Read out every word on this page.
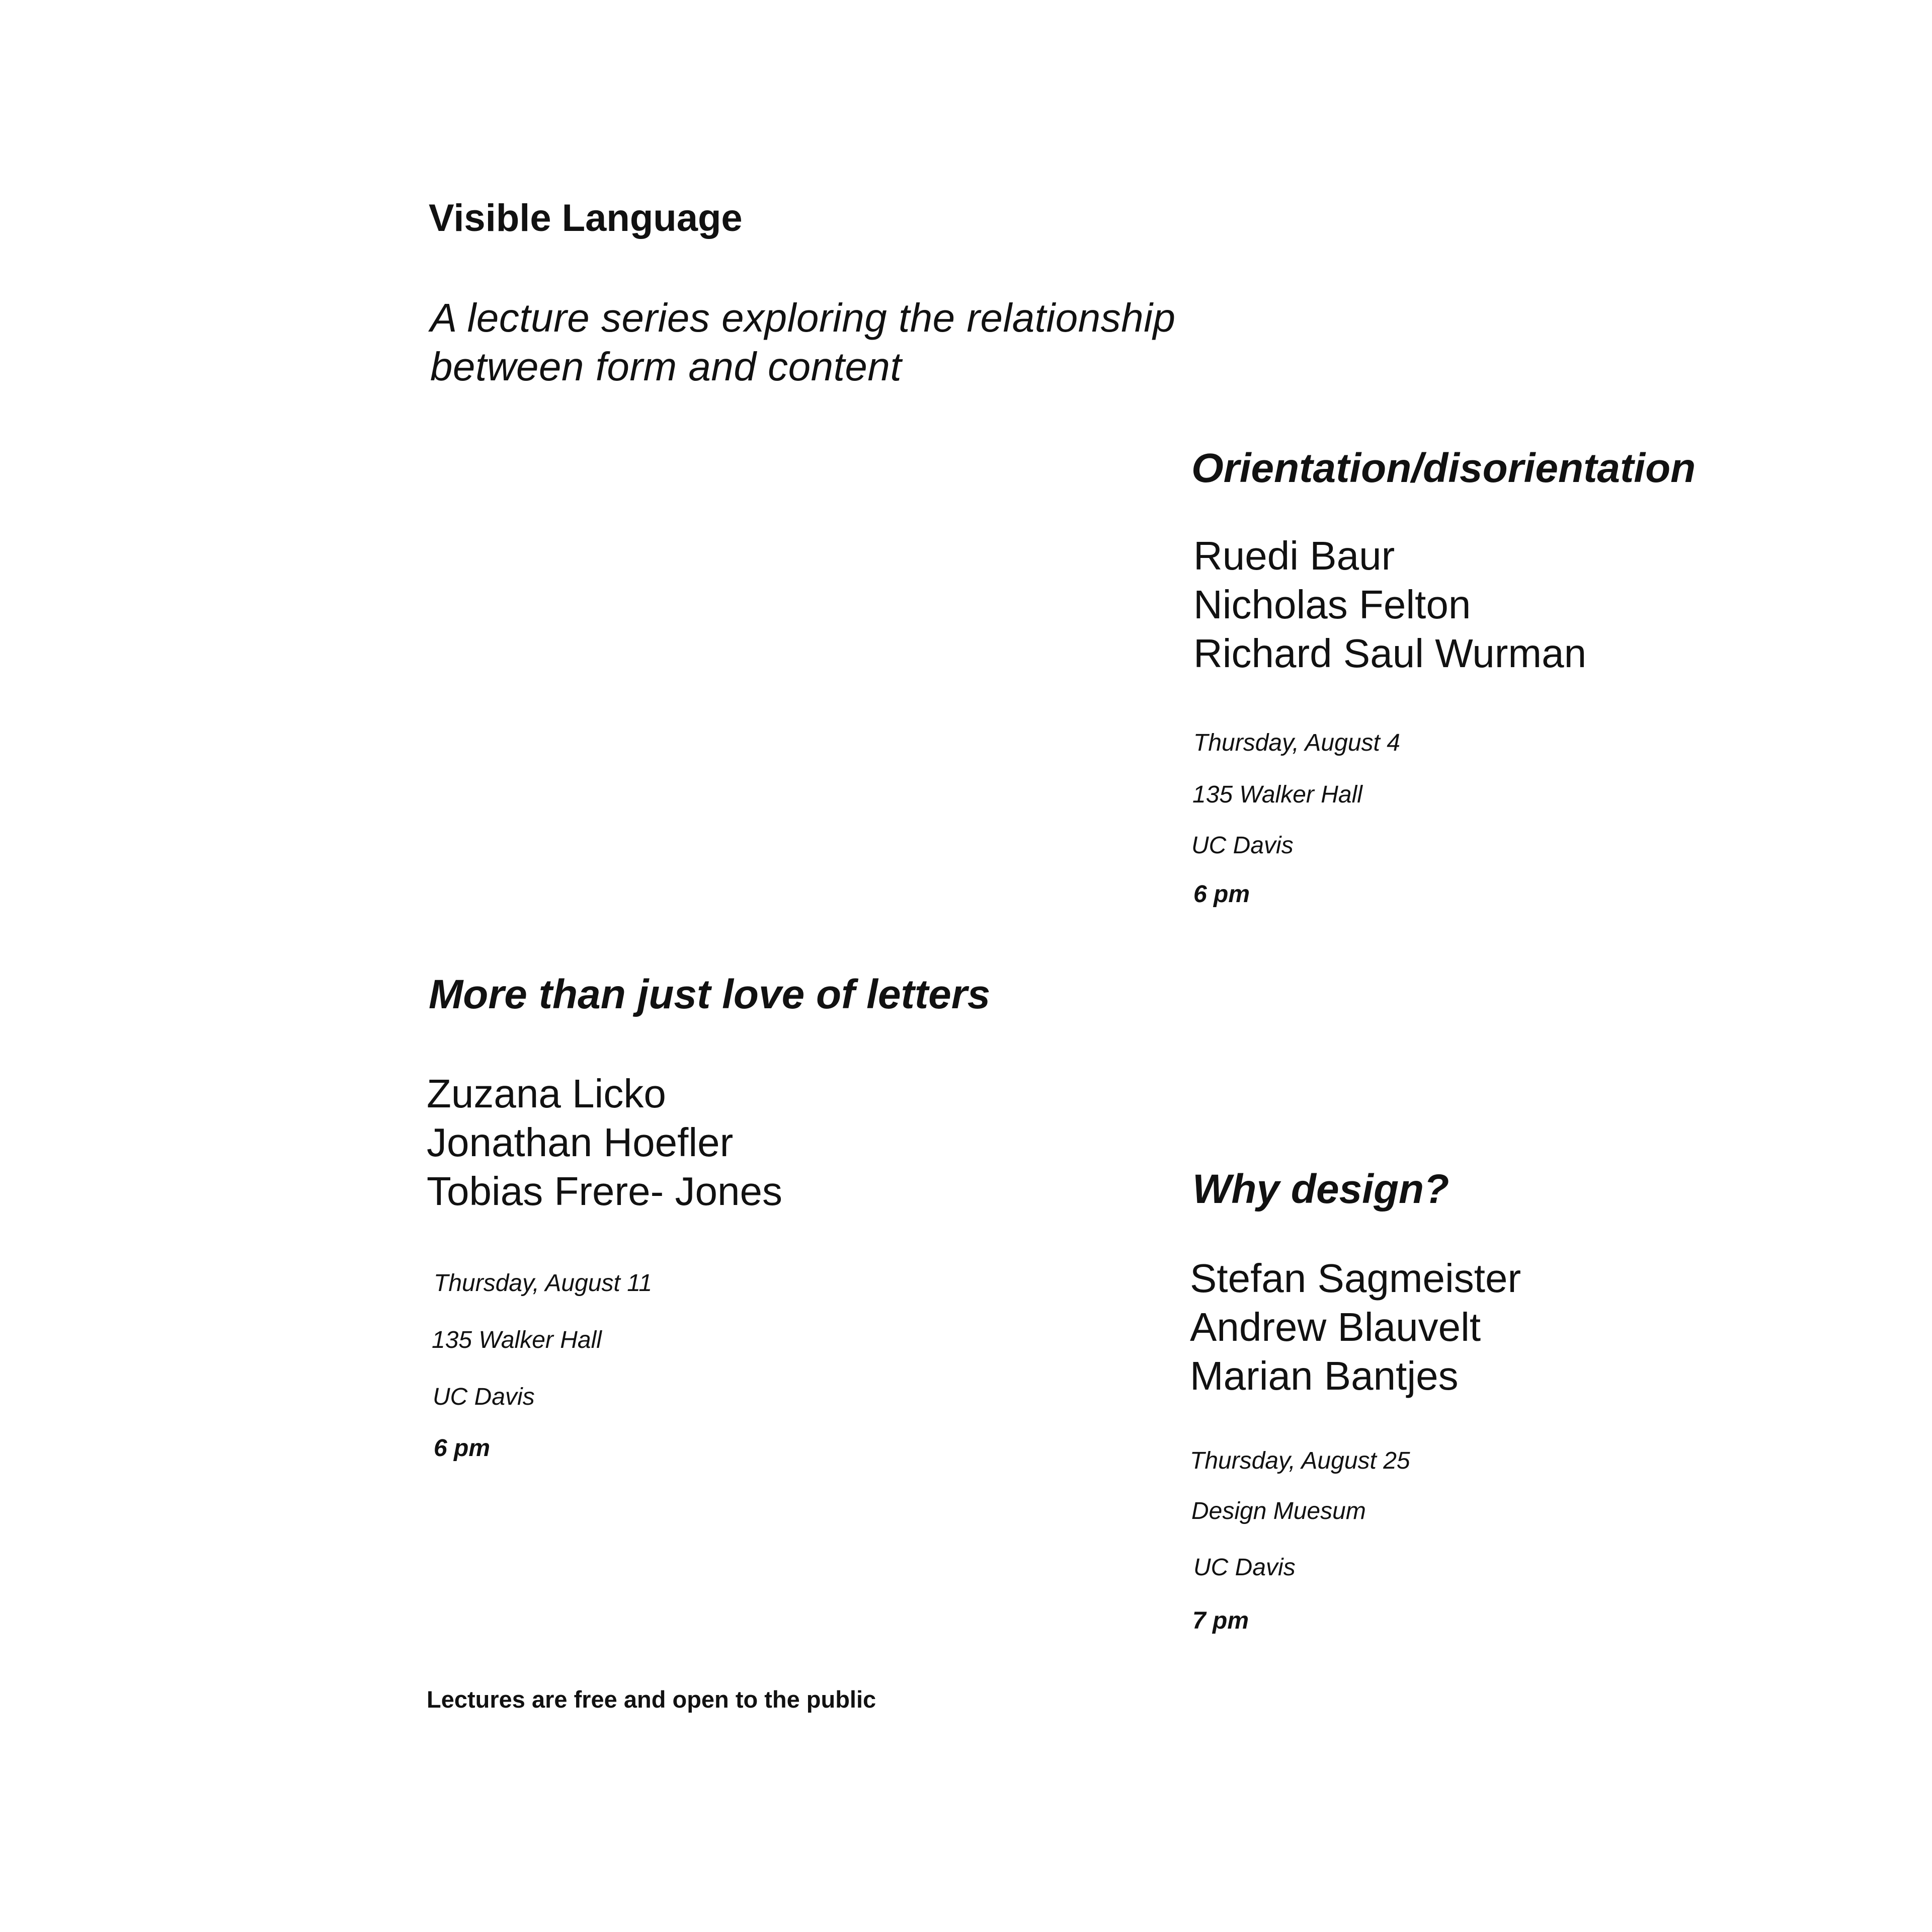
Visible Language
A lecture series exploring the relationship
between form and content
Orientation/disorientation
Ruedi Baur
Nicholas Felton
Richard Saul Wurman
Thursday, August 4
135 Walker Hall
UC Davis
6 pm
More than just love of letters
Zuzana Licko
Jonathan Hoefler
Tobias Frere- Jones
Thursday, August 11
135 Walker Hall
UC Davis
6 pm
Why design?
Stefan Sagmeister
Andrew Blauvelt
Marian Bantjes
Thursday, August 25
Design Muesum
UC Davis
7 pm
Lectures are free and open to the public
